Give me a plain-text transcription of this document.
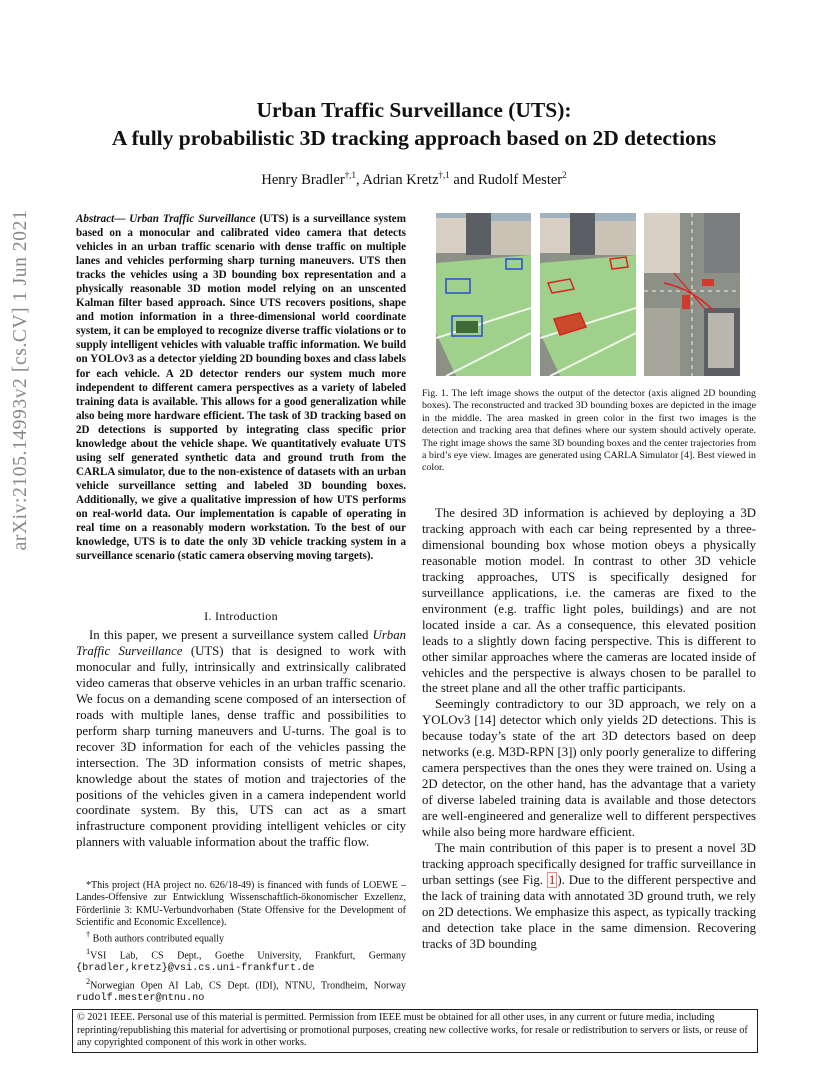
Urban Traffic Surveillance (UTS):
A fully probabilistic 3D tracking approach based on 2D detections
Henry Bradler$^{\dagger,1}$, Adrian Kretz$^{\dagger,1}$ and Rudolf Mester$^2$
arXiv:2105.14993v2 [cs.CV] 1 Jun 2021	Abstract— Urban Traffic Surveillance (UTS) is a surveillance system based on a monocular and calibrated video camera that detects vehicles in an urban traffic scenario with dense traffic on multiple lanes and vehicles performing sharp turning maneuvers. UTS then tracks the vehicles using a 3D bounding box representation and a physically reasonable 3D motion model relying on an unscented Kalman filter based approach. Since UTS recovers positions, shape and motion information in a three-dimensional world coordinate system, it can be employed to recognize diverse traffic violations or to supply intelligent vehicles with valuable traffic information. We build on YOLOv3 as a detector yielding 2D bounding boxes and class labels for each vehicle. A 2D detector renders our system much more independent to different camera perspectives as a variety of labeled training data is available. This allows for a good generalization while also being more hardware efficient. The task of 3D tracking based on 2D detections is supported by integrating class specific prior knowledge about the vehicle shape. We quantitatively evaluate UTS using self generated synthetic data and ground truth from the CARLA simulator, due to the non-existence of datasets with an urban vehicle surveillance setting and labeled 3D bounding boxes. Additionally, we give a qualitative impression of how UTS performs on real-world data. Our implementation is capable of operating in real time on a reasonably modern workstation. To the best of our knowledge, UTS is to date the only 3D vehicle tracking system in a surveillance scenario (static camera observing moving targets).
I. Introduction

In this paper, we present a surveillance system called Urban Traffic Surveillance (UTS) that is designed to work with monocular and fully, intrinsically and extrinsically calibrated video cameras that observe vehicles in an urban traffic scenario. We focus on a demanding scene composed of an intersection of roads with multiple lanes, dense traffic and possibilities to perform sharp turning maneuvers and U-turns. The goal is to recover 3D information for each of the vehicles passing the intersection. The 3D information consists of metric shapes, knowledge about the states of motion and trajectories of the positions of the vehicles given in a camera independent world coordinate system. By this, UTS can act as a smart infrastructure component providing intelligent vehicles or city planners with valuable information about the traffic flow.

*This project (HA project no. 626/18-49) is financed with funds of LOEWE – Landes-Offensive zur Entwicklung Wissenschaftlich-ökonomischer Exzellenz, Förderlinie 3: KMU-Verbundvorhaben (State Offensive for the Development of Scientific and Economic Excellence).

† Both authors contributed equally

$^1$VSI Lab, CS Dept., Goethe University, Frankfurt, Germany {bradler,kretz}@vsi.cs.uni-frankfurt.de

$^2$Norwegian Open AI Lab, CS Dept. (IDI), NTNU, Trondheim, Norway rudolf.mester@ntnu.no

Fig. 1. The left image shows the output of the detector (axis aligned 2D bounding boxes). The reconstructed and tracked 3D bounding boxes are depicted in the image in the middle. The area masked in green color in the first two images is the detection and tracking area that defines where our system should actively operate. The right image shows the same 3D bounding boxes and the center trajectories from a bird’s eye view. Images are generated using CARLA Simulator [4]. Best viewed in color.

The desired 3D information is achieved by deploying a 3D tracking approach with each car being represented by a three-dimensional bounding box whose motion obeys a physically reasonable motion model. In contrast to other 3D vehicle tracking approaches, UTS is specifically designed for surveillance applications, i.e. the cameras are fixed to the environment (e.g. traffic light poles, buildings) and are not located inside a car. As a consequence, this elevated position leads to a slightly down facing perspective. This is different to other similar approaches where the cameras are located inside of vehicles and the perspective is always chosen to be parallel to the street plane and all the other traffic participants.

Seemingly contradictory to our 3D approach, we rely on a YOLOv3 [14] detector which only yields 2D detections. This is because today’s state of the art 3D detectors based on deep networks (e.g. M3D-RPN [3]) only poorly generalize to differing camera perspectives than the ones they were trained on. Using a 2D detector, on the other hand, has the advantage that a variety of diverse labeled training data is available and those detectors are well-engineered and generalize well to different perspectives while also being more hardware efficient.

The main contribution of this paper is to present a novel 3D tracking approach specifically designed for traffic surveillance in urban settings (see Fig. 1 ). Due to the different perspective and the lack of training data with annotated 3D ground truth, we rely on 2D detections. We emphasize this aspect, as typically tracking and detection take place in the same dimension. Recovering tracks of 3D bounding

© 2021 IEEE. Personal use of this material is permitted. Permission from IEEE must be obtained for all other uses, in any current or future media, including reprinting/republishing this material for advertising or promotional purposes, creating new collective works, for resale or redistribution to servers or lists, or reuse of any copyrighted component of this work in other works.
